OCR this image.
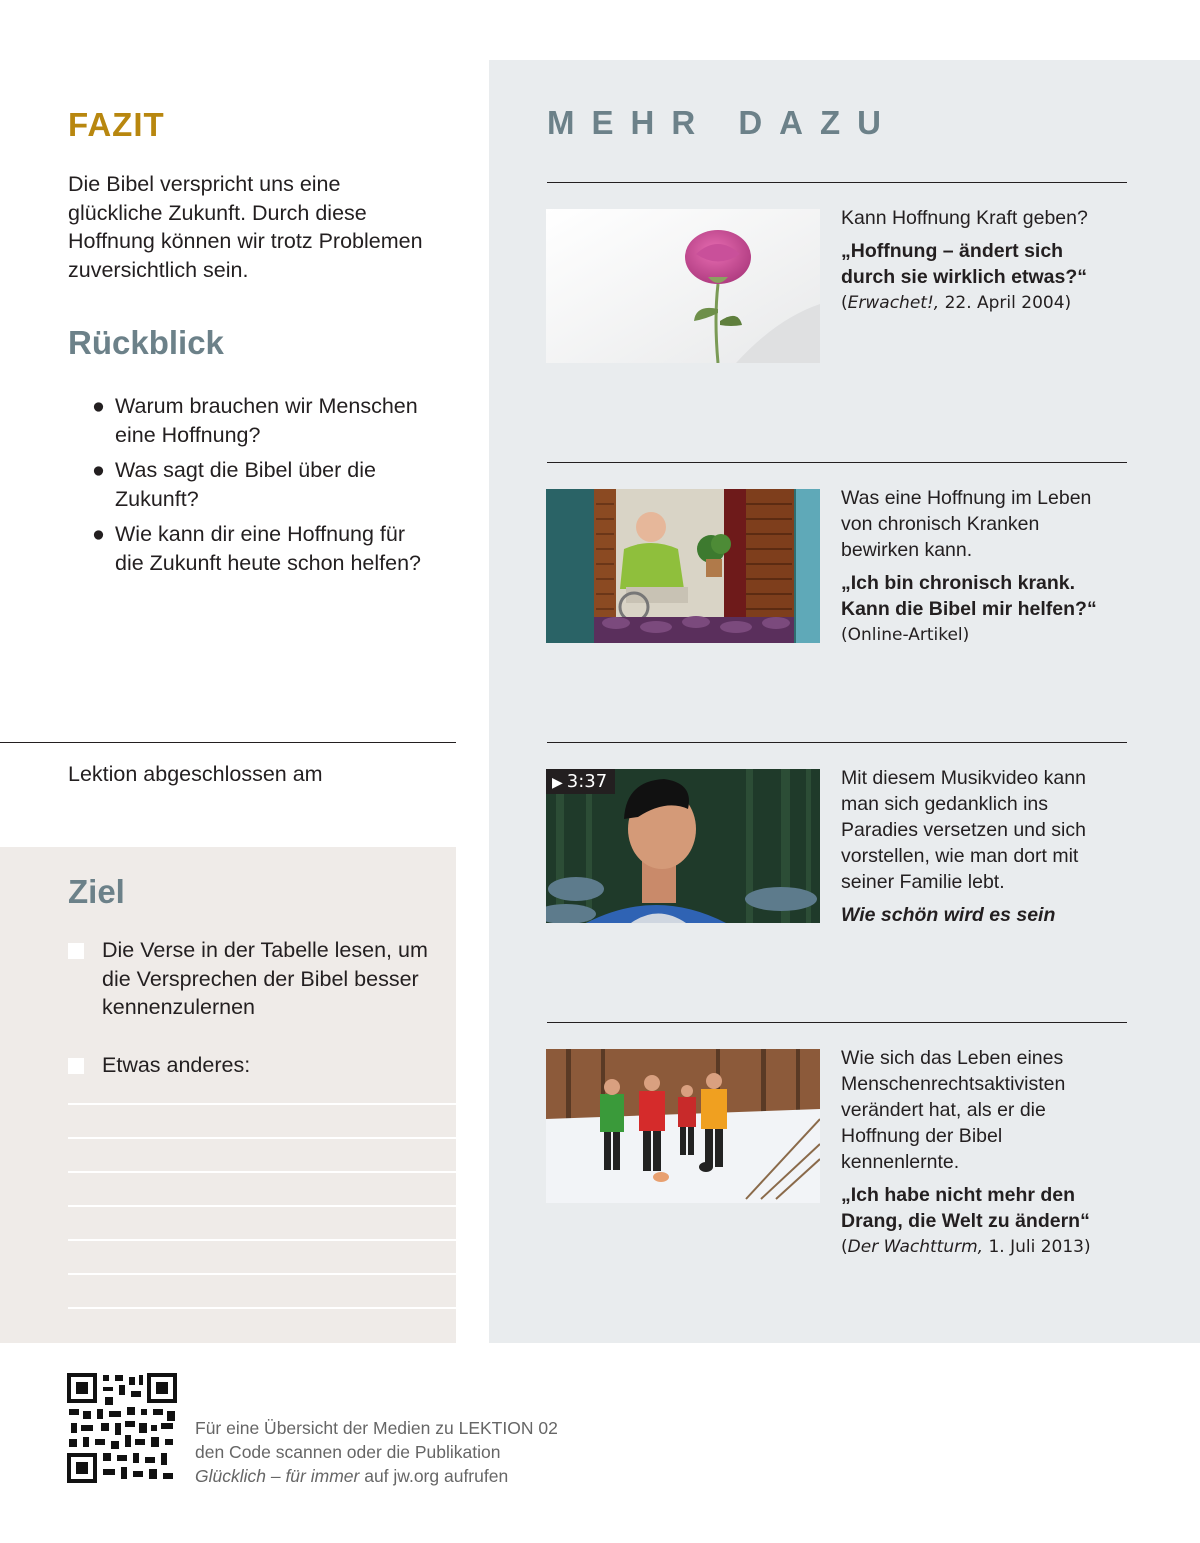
FAZIT

Die Bibel verspricht uns eine glückliche Zukunft. Durch diese Hoffnung können wir trotz Problemen zuversichtlich sein.

Rückblick
● Warum brauchen wir Menschen eine Hoffnung?
● Was sagt die Bibel über die Zukunft?
● Wie kann dir eine Hoffnung für die Zukunft heute schon helfen?
Lektion abgeschlossen am
Ziel
Die Verse in der Tabelle lesen, um die Versprechen der Bibel besser kennenzulernen
Etwas anderes:
MEHR DAZU
Kann Hoffnung Kraft geben?
„Hoffnung – ändert sich durch sie wirklich etwas?“
(Erwachet!, 22. April 2004)
Was eine Hoffnung im Leben von chronisch Kranken bewirken kann.
„Ich bin chronisch krank. Kann die Bibel mir helfen?“
(Online-Artikel)
▶ 3:37	Mit diesem Musikvideo kann man sich gedanklich ins Paradies versetzen und sich vorstellen, wie man dort mit seiner Familie lebt.
Wie schön wird es sein
Wie sich das Leben eines Menschenrechtsaktivisten verändert hat, als er die Hoffnung der Bibel kennenlernte.
„Ich habe nicht mehr den Drang, die Welt zu ändern“
(Der Wachtturm, 1. Juli 2013)
Für eine Übersicht der Medien zu LEKTION 02
den Code scannen oder die Publikation
Glücklich – für immer auf jw.org aufrufen
